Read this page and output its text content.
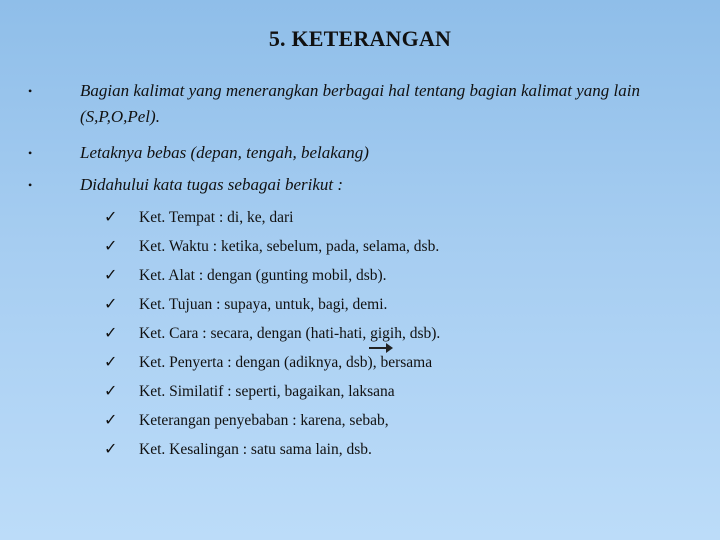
5. KETERANGAN
•	Bagian kalimat yang menerangkan berbagai hal tentang bagian kalimat yang lain (S,P,O,Pel).
•	Letaknya bebas (depan, tengah, belakang)
•	Didahului kata tugas sebagai berikut :
✓ Ket. Tempat : di, ke, dari
✓ Ket. Waktu : ketika, sebelum, pada, selama, dsb.
✓ Ket. Alat : dengan (gunting mobil, dsb).
✓ Ket. Tujuan : supaya, untuk, bagi, demi.
✓ Ket. Cara : secara, dengan (hati-hati, gigih, dsb).
✓ Ket. Penyerta : dengan (adiknya, dsb), bersama
✓ Ket. Similatif : seperti, bagaikan, laksana
✓ Keterangan penyebaban : karena, sebab,
✓ Ket. Kesalingan : satu sama lain, dsb.
